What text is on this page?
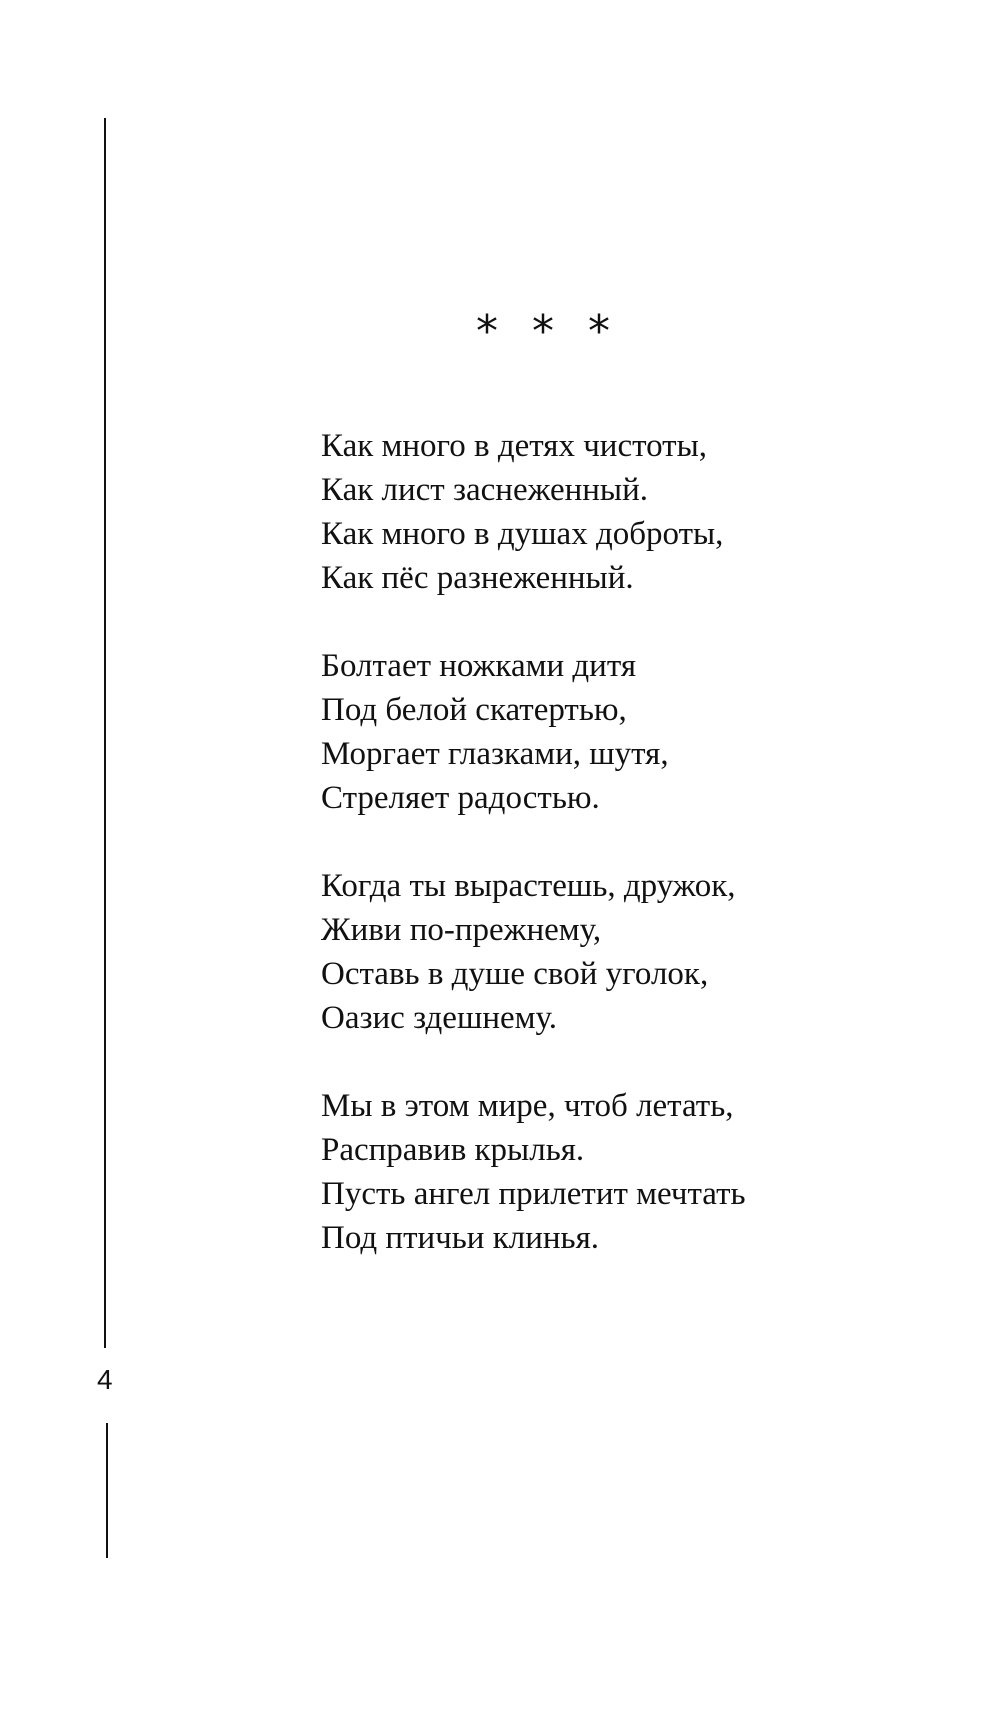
* * *
Как много в детях чистоты,
Как лист заснеженный.
Как много в душах доброты,
Как пёс разнеженный.
Болтает ножками дитя
Под белой скатертью,
Моргает глазками, шутя,
Стреляет радостью.
Когда ты вырастешь, дружок,
Живи по-прежнему,
Оставь в душе свой уголок,
Оазис здешнему.
Мы в этом мире, чтоб летать,
Расправив крылья.
Пусть ангел прилетит мечтать
Под птичьи клинья.
4
